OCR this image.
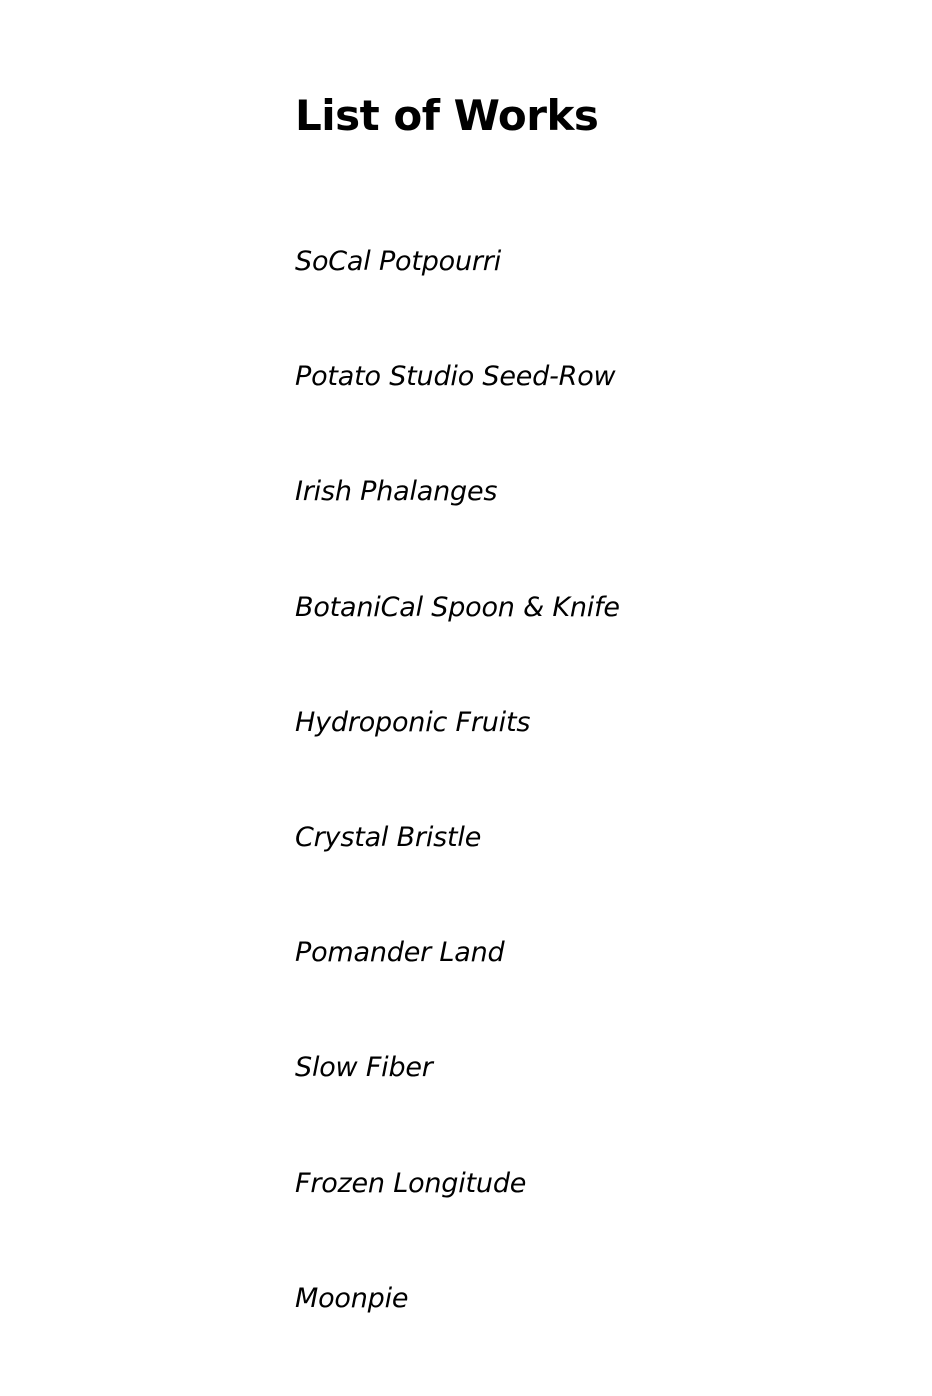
List of Works
SoCal Potpourri
Potato Studio Seed-Row
Irish Phalanges
BotaniCal Spoon & Knife
Hydroponic Fruits
Crystal Bristle
Pomander Land
Slow Fiber
Frozen Longitude
Moonpie
